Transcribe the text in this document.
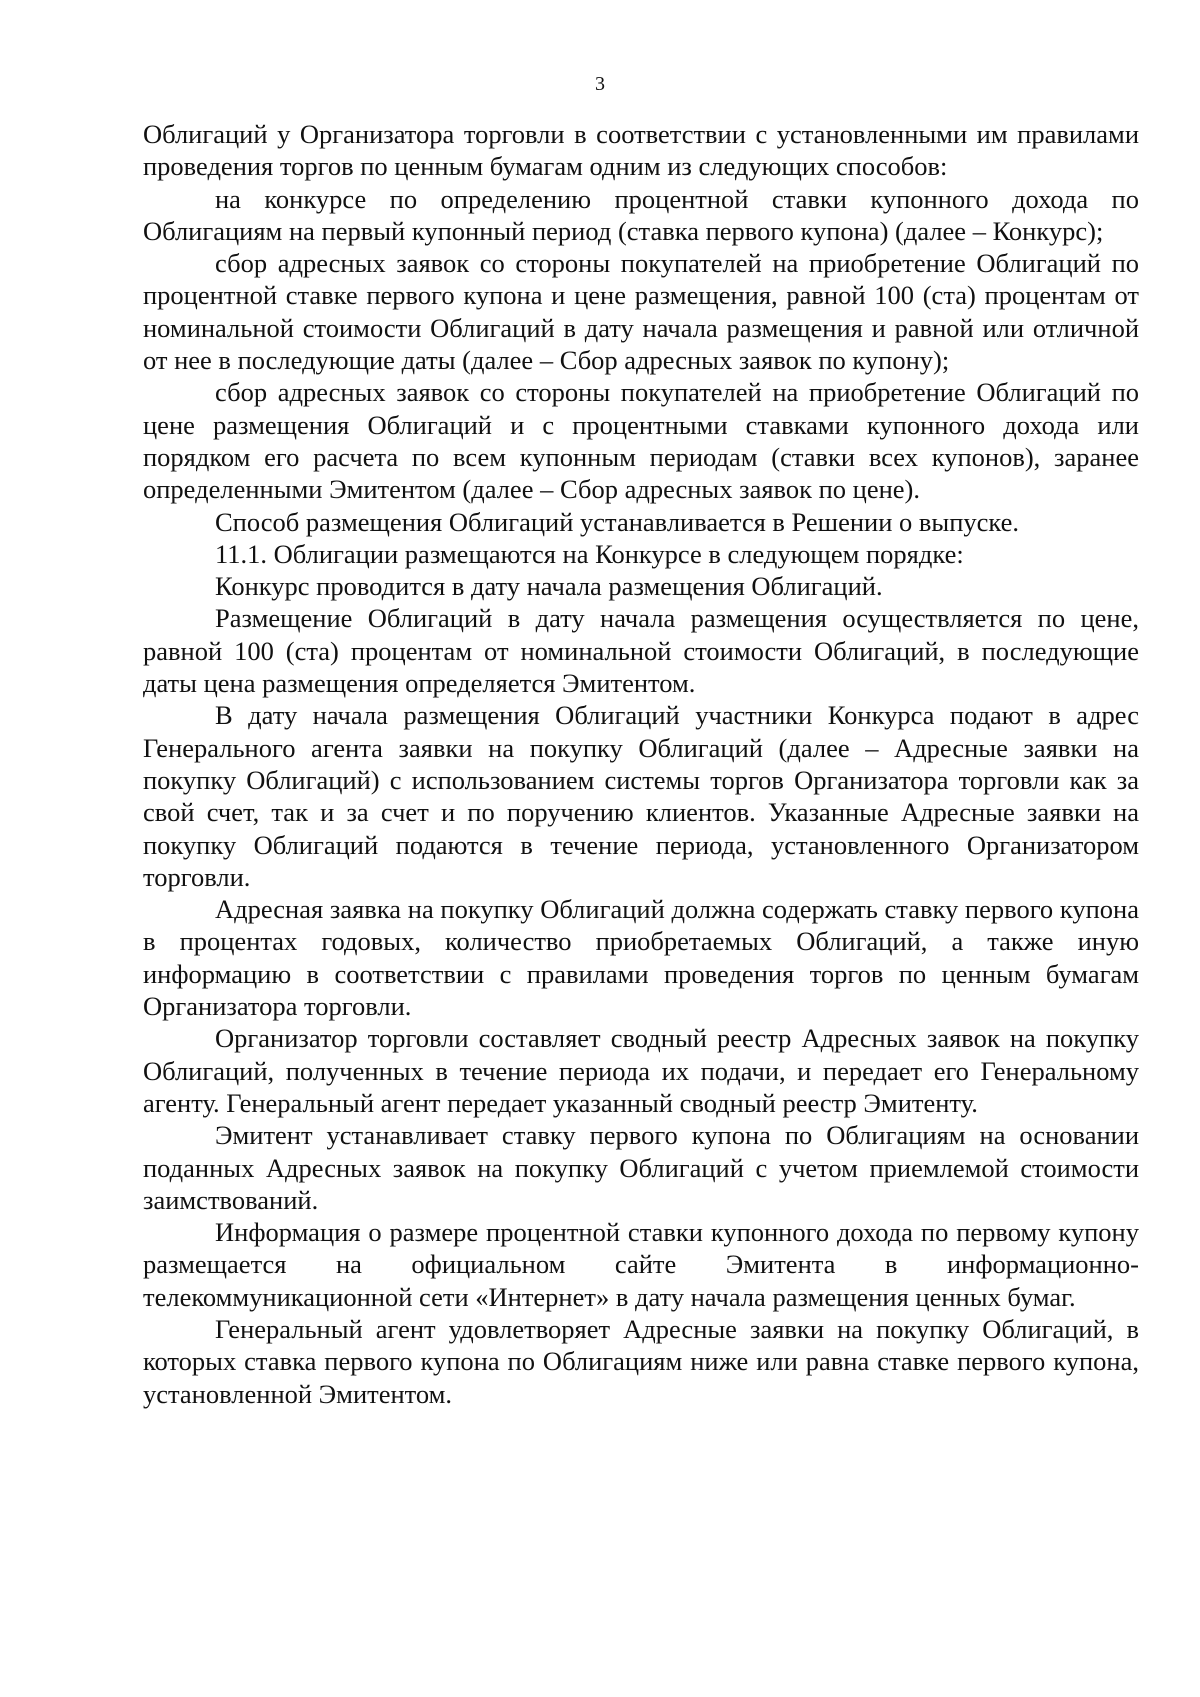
3

Облигаций у Организатора торговли в соответствии с установленными им правилами проведения торгов по ценным бумагам одним из следующих способов:

на конкурсе по определению процентной ставки купонного дохода по Облигациям на первый купонный период (ставка первого купона) (далее – Конкурс);

сбор адресных заявок со стороны покупателей на приобретение Облигаций по процентной ставке первого купона и цене размещения, равной 100 (ста) процентам от номинальной стоимости Облигаций в дату начала размещения и равной или отличной от нее в последующие даты (далее – Сбор адресных заявок по купону);

сбор адресных заявок со стороны покупателей на приобретение Облигаций по цене размещения Облигаций и с процентными ставками купонного дохода или порядком его расчета по всем купонным периодам (ставки всех купонов), заранее определенными Эмитентом (далее – Сбор адресных заявок по цене).

Способ размещения Облигаций устанавливается в Решении о выпуске.

11.1. Облигации размещаются на Конкурсе в следующем порядке:

Конкурс проводится в дату начала размещения Облигаций.

Размещение Облигаций в дату начала размещения осуществляется по цене, равной 100 (ста) процентам от номинальной стоимости Облигаций, в последующие даты цена размещения определяется Эмитентом.

В дату начала размещения Облигаций участники Конкурса подают в адрес Генерального агента заявки на покупку Облигаций (далее – Адресные заявки на покупку Облигаций) с использованием системы торгов Организатора торговли как за свой счет, так и за счет и по поручению клиентов. Указанные Адресные заявки на покупку Облигаций подаются в течение периода, установленного Организатором торговли.

Адресная заявка на покупку Облигаций должна содержать ставку первого купона в процентах годовых, количество приобретаемых Облигаций, а также иную информацию в соответствии с правилами проведения торгов по ценным бумагам Организатора торговли.

Организатор торговли составляет сводный реестр Адресных заявок на покупку Облигаций, полученных в течение периода их подачи, и передает его Генеральному агенту. Генеральный агент передает указанный сводный реестр Эмитенту.

Эмитент устанавливает ставку первого купона по Облигациям на основании поданных Адресных заявок на покупку Облигаций с учетом приемлемой стоимости заимствований.

Информация о размере процентной ставки купонного дохода по первому купону размещается на официальном сайте Эмитента в информационно-телекоммуникационной сети «Интернет» в дату начала размещения ценных бумаг.

Генеральный агент удовлетворяет Адресные заявки на покупку Облигаций, в которых ставка первого купона по Облигациям ниже или равна ставке первого купона, установленной Эмитентом.
